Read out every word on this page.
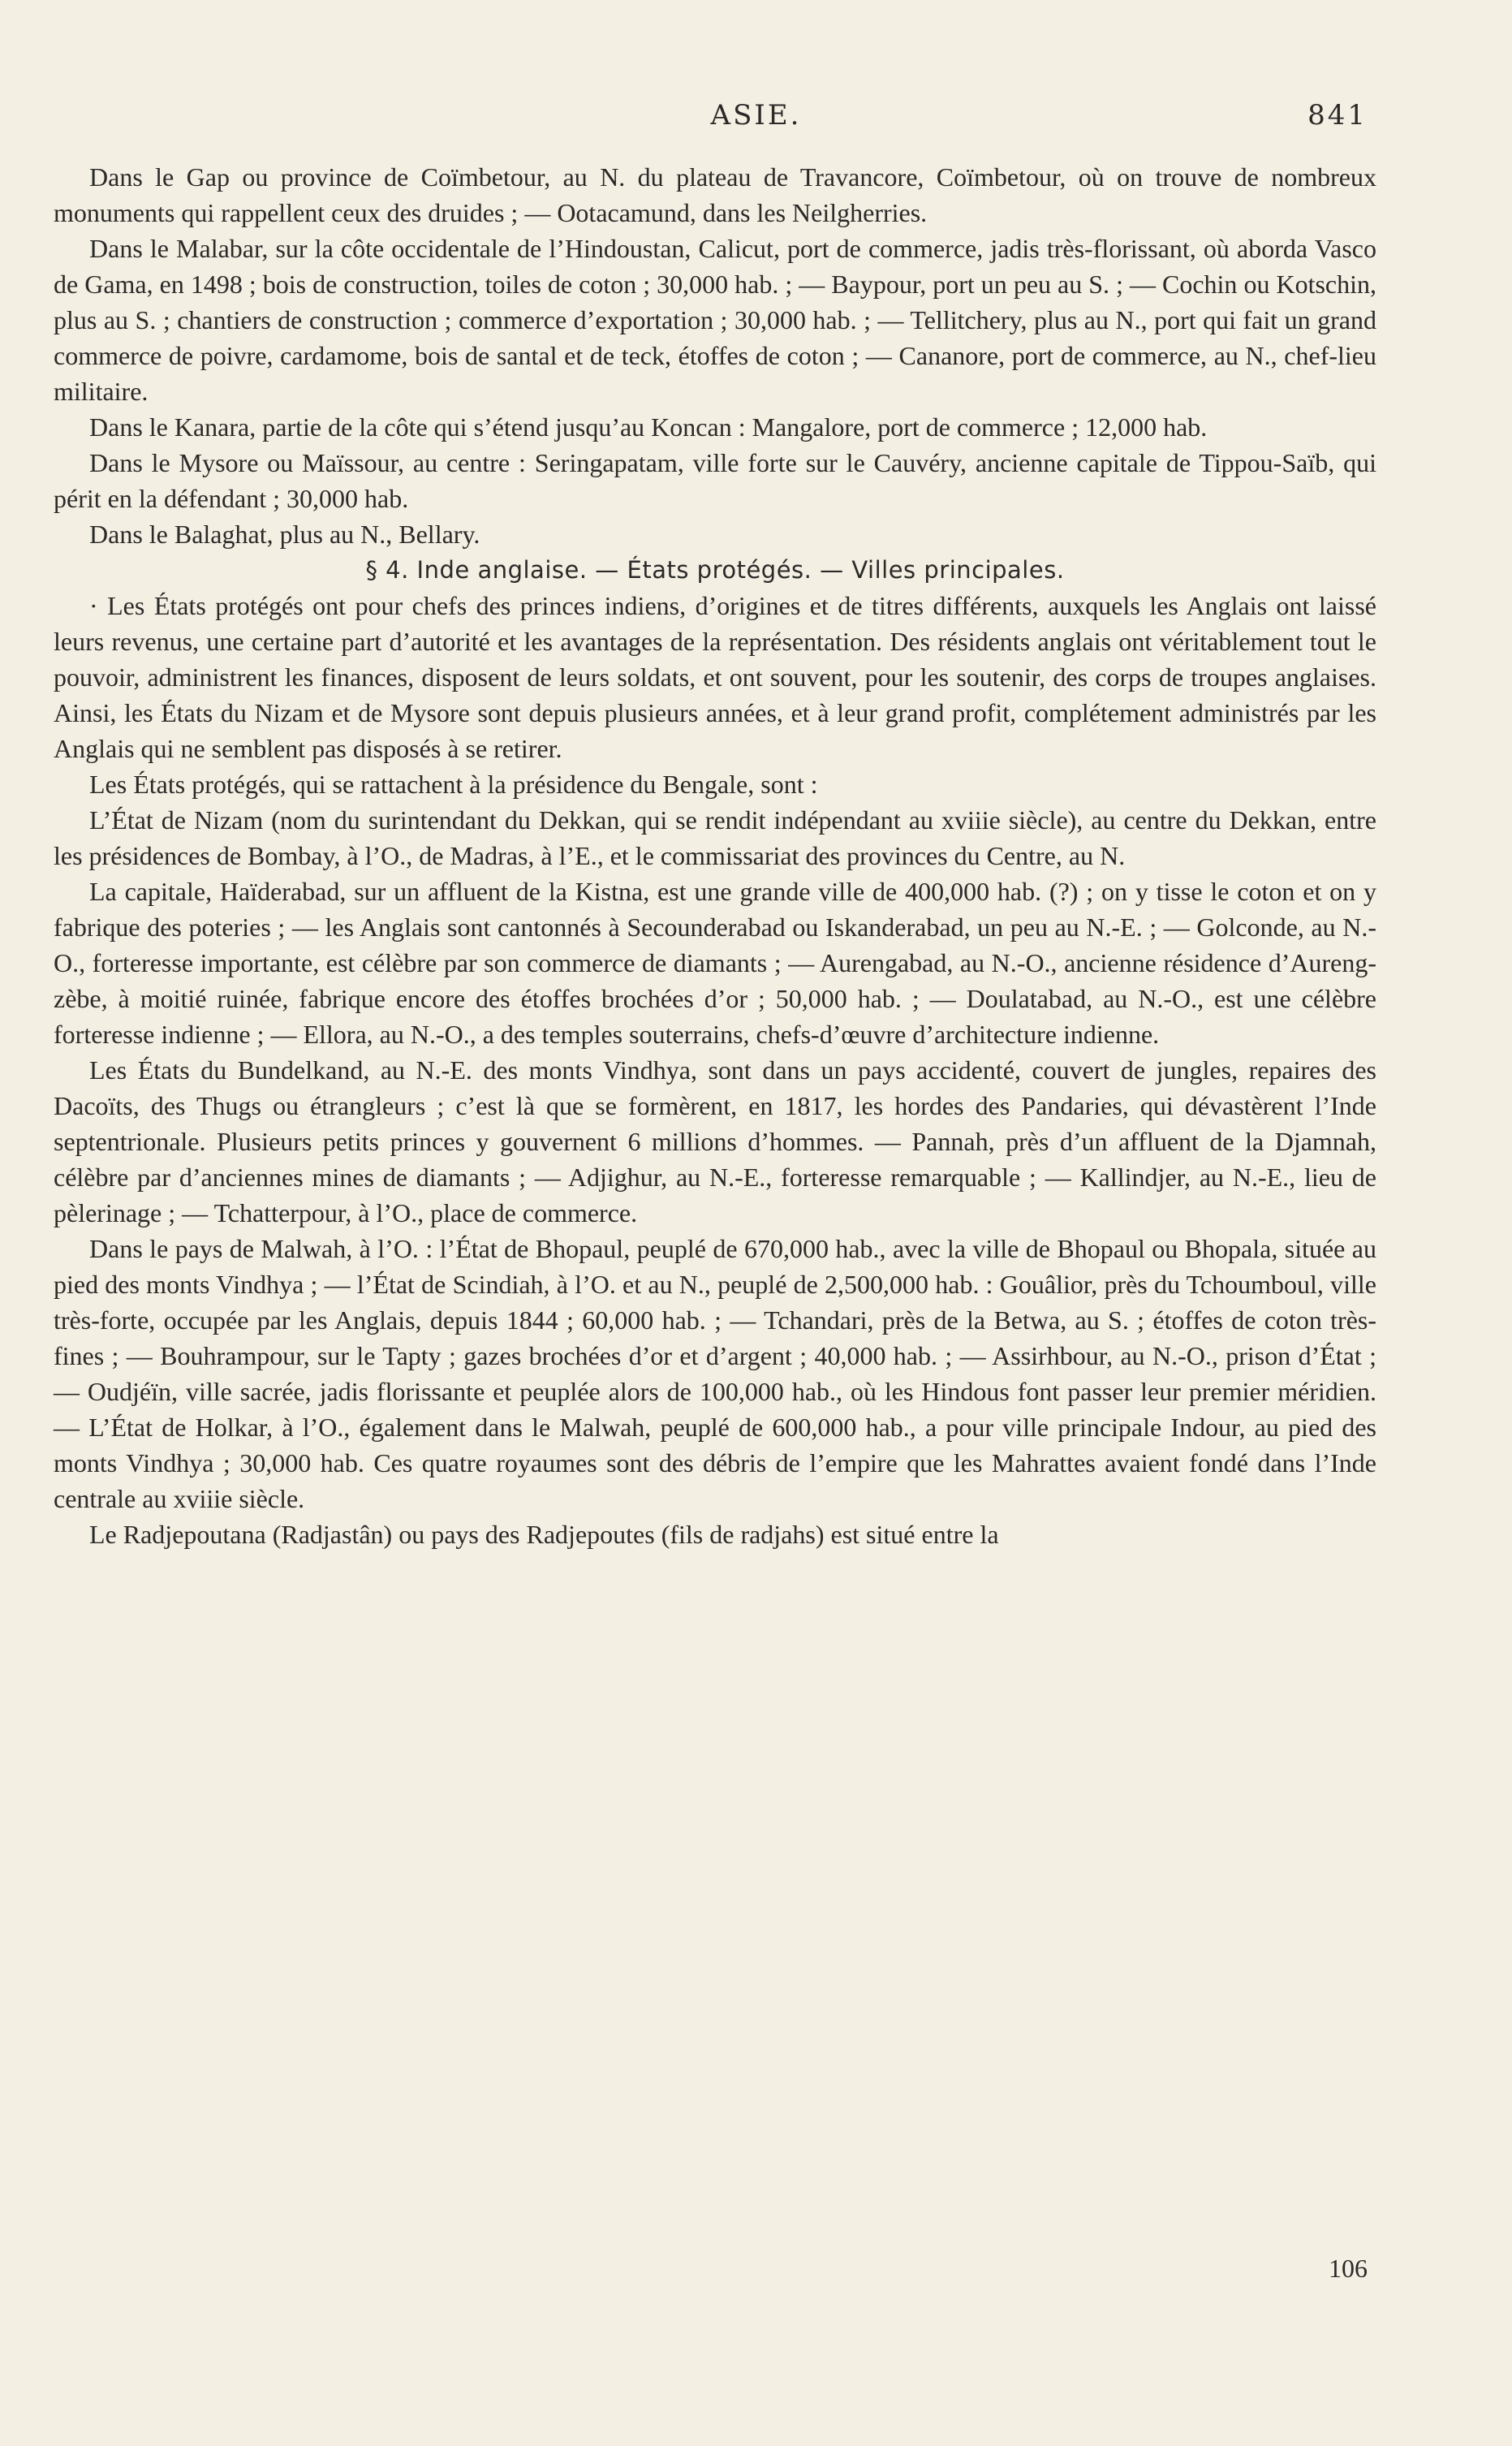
ASIE.	841

Dans le Gap ou province de Coïmbetour, au N. du plateau de Travancore, Coïmbetour, où on trouve de nombreux monuments qui rappellent ceux des druides ; — Ootacamund, dans les Neilgherries.

Dans le Malabar, sur la côte occidentale de l’Hindoustan, Calicut, port de commerce, jadis très-florissant, où aborda Vasco de Gama, en 1498 ; bois de construction, toiles de coton ; 30,000 hab. ; — Baypour, port un peu au S. ; — Cochin ou Kotschin, plus au S. ; chantiers de construction ; commerce d’exportation ; 30,000 hab. ; — Tellitchery, plus au N., port qui fait un grand commerce de poivre, cardamome, bois de santal et de teck, étoffes de coton ; — Cananore, port de commerce, au N., chef-lieu militaire.

Dans le Kanara, partie de la côte qui s’étend jusqu’au Koncan : Mangalore, port de commerce ; 12,000 hab.

Dans le Mysore ou Maïssour, au centre : Seringapatam, ville forte sur le Cauvéry, ancienne capitale de Tippou-Saïb, qui périt en la défendant ; 30,000 hab.

Dans le Balaghat, plus au N., Bellary.

§ 4. Inde anglaise. — États protégés. — Villes principales.

· Les États protégés ont pour chefs des princes indiens, d’origines et de titres différents, auxquels les Anglais ont laissé leurs revenus, une certaine part d’autorité et les avantages de la représentation. Des résidents anglais ont véritablement tout le pouvoir, administrent les finances, disposent de leurs soldats, et ont souvent, pour les soutenir, des corps de troupes anglaises. Ainsi, les États du Nizam et de Mysore sont depuis plusieurs années, et à leur grand profit, complétement administrés par les Anglais qui ne semblent pas disposés à se retirer.

Les États protégés, qui se rattachent à la présidence du Bengale, sont :

L’État de Nizam (nom du surintendant du Dekkan, qui se rendit indépendant au xviiie siècle), au centre du Dekkan, entre les présidences de Bombay, à l’O., de Madras, à l’E., et le commissariat des provinces du Centre, au N.

La capitale, Haïderabad, sur un affluent de la Kistna, est une grande ville de 400,000 hab. (?) ; on y tisse le coton et on y fabrique des poteries ; — les Anglais sont cantonnés à Secounderabad ou Iskanderabad, un peu au N.-E. ; — Golconde, au N.-O., forteresse importante, est célèbre par son commerce de diamants ; — Aurengabad, au N.-O., ancienne résidence d’Aureng-zèbe, à moitié ruinée, fabrique encore des étoffes brochées d’or ; 50,000 hab. ; — Doulatabad, au N.-O., est une célèbre forteresse indienne ; — Ellora, au N.-O., a des temples souterrains, chefs-d’œuvre d’architecture indienne.

Les États du Bundelkand, au N.-E. des monts Vindhya, sont dans un pays accidenté, couvert de jungles, repaires des Dacoïts, des Thugs ou étrangleurs ; c’est là que se formèrent, en 1817, les hordes des Pandaries, qui dévastèrent l’Inde septentrionale. Plusieurs petits princes y gouvernent 6 millions d’hommes. — Pannah, près d’un affluent de la Djamnah, célèbre par d’anciennes mines de diamants ; — Adjighur, au N.-E., forteresse remarquable ; — Kallindjer, au N.-E., lieu de pèlerinage ; — Tchatterpour, à l’O., place de commerce.

Dans le pays de Malwah, à l’O. : l’État de Bhopaul, peuplé de 670,000 hab., avec la ville de Bhopaul ou Bhopala, située au pied des monts Vindhya ; — l’État de Scindiah, à l’O. et au N., peuplé de 2,500,000 hab. : Gouâlior, près du Tchoumboul, ville très-forte, occupée par les Anglais, depuis 1844 ; 60,000 hab. ; — Tchandari, près de la Betwa, au S. ; étoffes de coton très-fines ; — Bouhrampour, sur le Tapty ; gazes brochées d’or et d’argent ; 40,000 hab. ; — Assirhbour, au N.-O., prison d’État ; — Oudjéïn, ville sacrée, jadis florissante et peuplée alors de 100,000 hab., où les Hindous font passer leur premier méridien. — L’État de Holkar, à l’O., également dans le Malwah, peuplé de 600,000 hab., a pour ville principale Indour, au pied des monts Vindhya ; 30,000 hab. Ces quatre royaumes sont des débris de l’empire que les Mahrattes avaient fondé dans l’Inde centrale au xviiie siècle.

Le Radjepoutana (Radjastân) ou pays des Radjepoutes (fils de radjahs) est situé entre la

106
